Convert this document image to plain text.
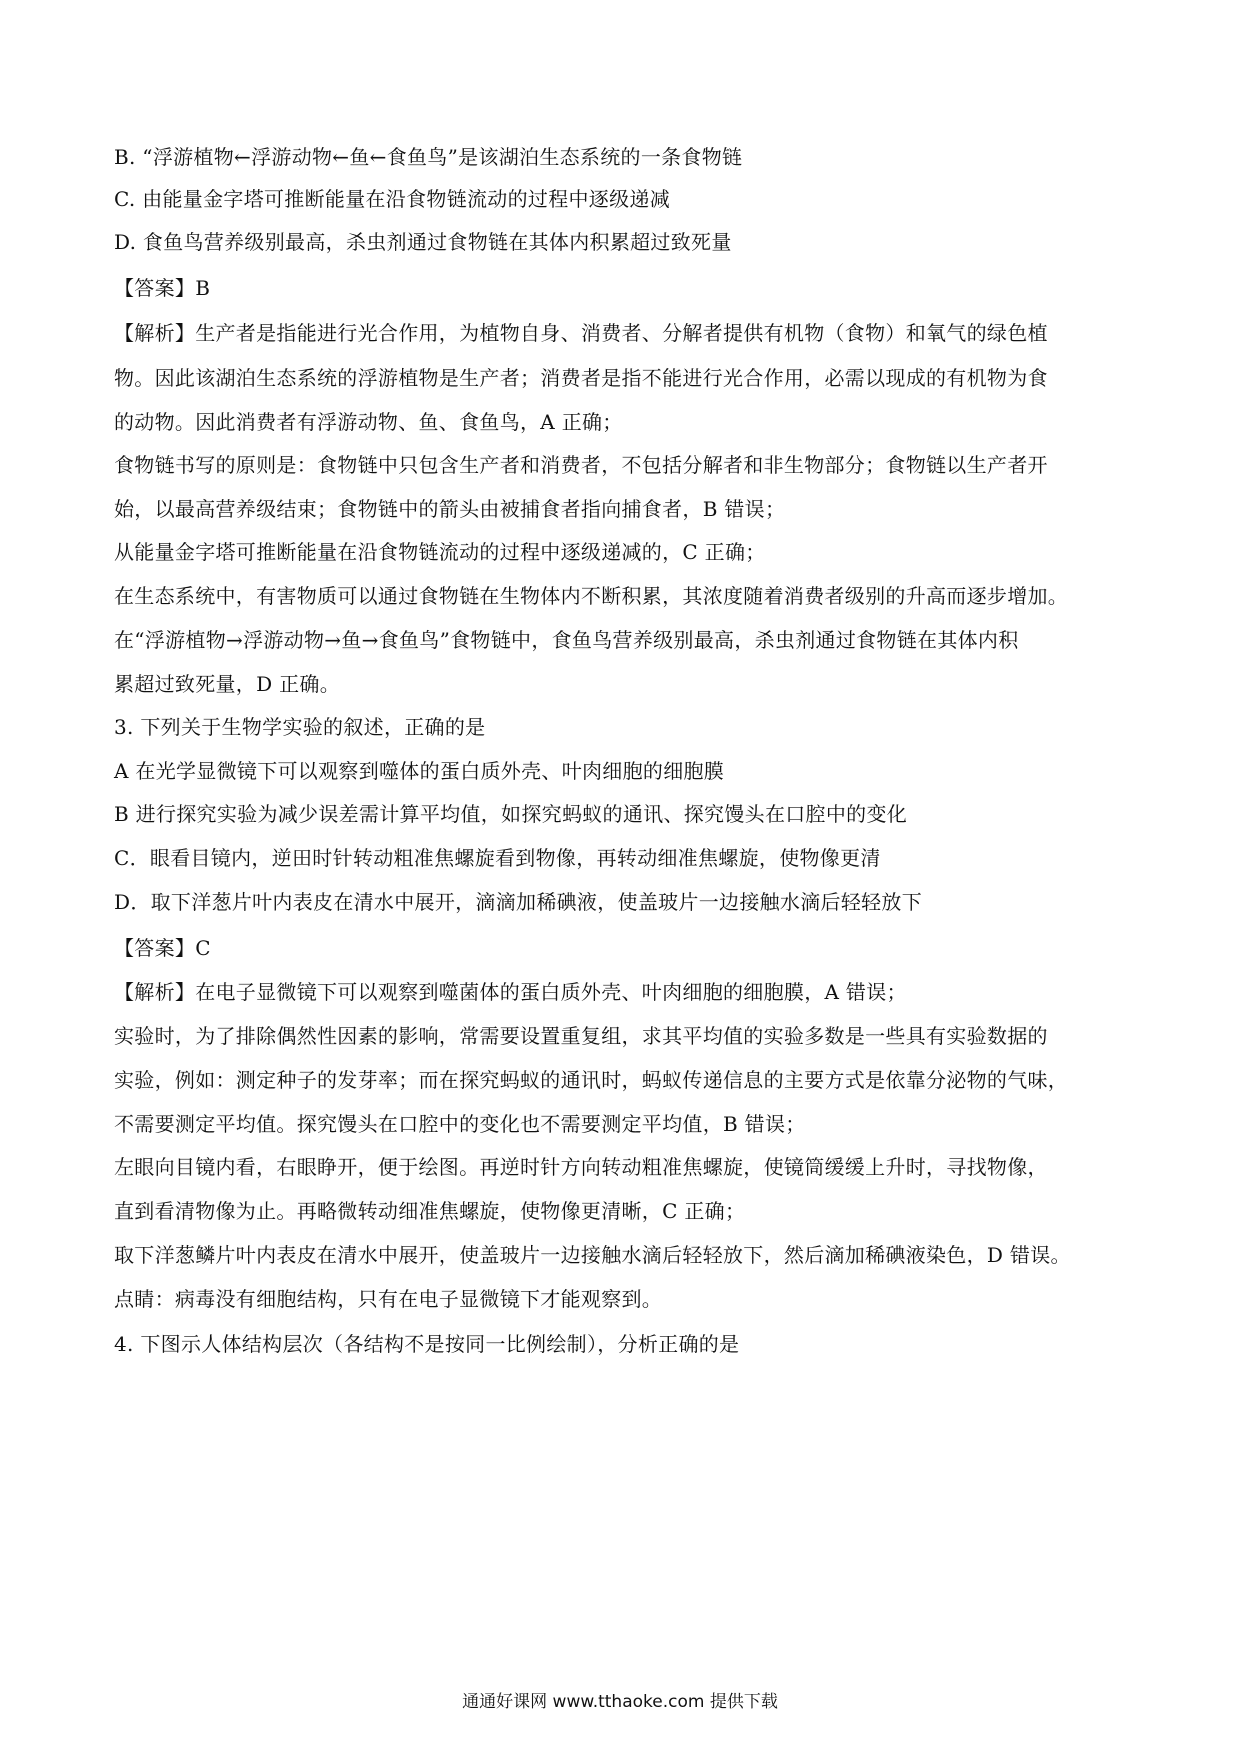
B. “浮游植物←浮游动物←鱼←食鱼鸟”是该湖泊生态系统的一条食物链
C. 由能量金字塔可推断能量在沿食物链流动的过程中逐级递减
D. 食鱼鸟营养级别最高，杀虫剂通过食物链在其体内积累超过致死量
【答案】B
【解析】生产者是指能进行光合作用，为植物自身、消费者、分解者提供有机物（食物）和氧气的绿色植
物。因此该湖泊生态系统的浮游植物是生产者；消费者是指不能进行光合作用，必需以现成的有机物为食
的动物。因此消费者有浮游动物、鱼、食鱼鸟，A 正确；
食物链书写的原则是：食物链中只包含生产者和消费者，不包括分解者和非生物部分；食物链以生产者开
始，以最高营养级结束；食物链中的箭头由被捕食者指向捕食者，B 错误；
从能量金字塔可推断能量在沿食物链流动的过程中逐级递减的，C 正确；
在生态系统中，有害物质可以通过食物链在生物体内不断积累，其浓度随着消费者级别的升高而逐步增加。
在“浮游植物→浮游动物→鱼→食鱼鸟”食物链中，食鱼鸟营养级别最高，杀虫剂通过食物链在其体内积
累超过致死量，D 正确。
3. 下列关于生物学实验的叙述，正确的是
A 在光学显微镜下可以观察到噬体的蛋白质外壳、叶肉细胞的细胞膜
B 进行探究实验为减少误差需计算平均值，如探究蚂蚁的通讯、探究馒头在口腔中的变化
C．眼看目镜内，逆田时针转动粗准焦螺旋看到物像，再转动细准焦螺旋，使物像更清
D．取下洋葱片叶内表皮在清水中展开，滴滴加稀碘液，使盖玻片一边接触水滴后轻轻放下
【答案】C
【解析】在电子显微镜下可以观察到噬菌体的蛋白质外壳、叶肉细胞的细胞膜，A 错误；
实验时，为了排除偶然性因素的影响，常需要设置重复组，求其平均值的实验多数是一些具有实验数据的
实验，例如：测定种子的发芽率；而在探究蚂蚁的通讯时，蚂蚁传递信息的主要方式是依靠分泌物的气味，
不需要测定平均值。探究馒头在口腔中的变化也不需要测定平均值，B 错误；
左眼向目镜内看，右眼睁开，便于绘图。再逆时针方向转动粗准焦螺旋，使镜筒缓缓上升时，寻找物像，
直到看清物像为止。再略微转动细准焦螺旋，使物像更清晰，C 正确；
取下洋葱鳞片叶内表皮在清水中展开，使盖玻片一边接触水滴后轻轻放下，然后滴加稀碘液染色，D 错误。
点睛：病毒没有细胞结构，只有在电子显微镜下才能观察到。
4. 下图示人体结构层次（各结构不是按同一比例绘制），分析正确的是
通通好课网 www.tthaoke.com 提供下载
